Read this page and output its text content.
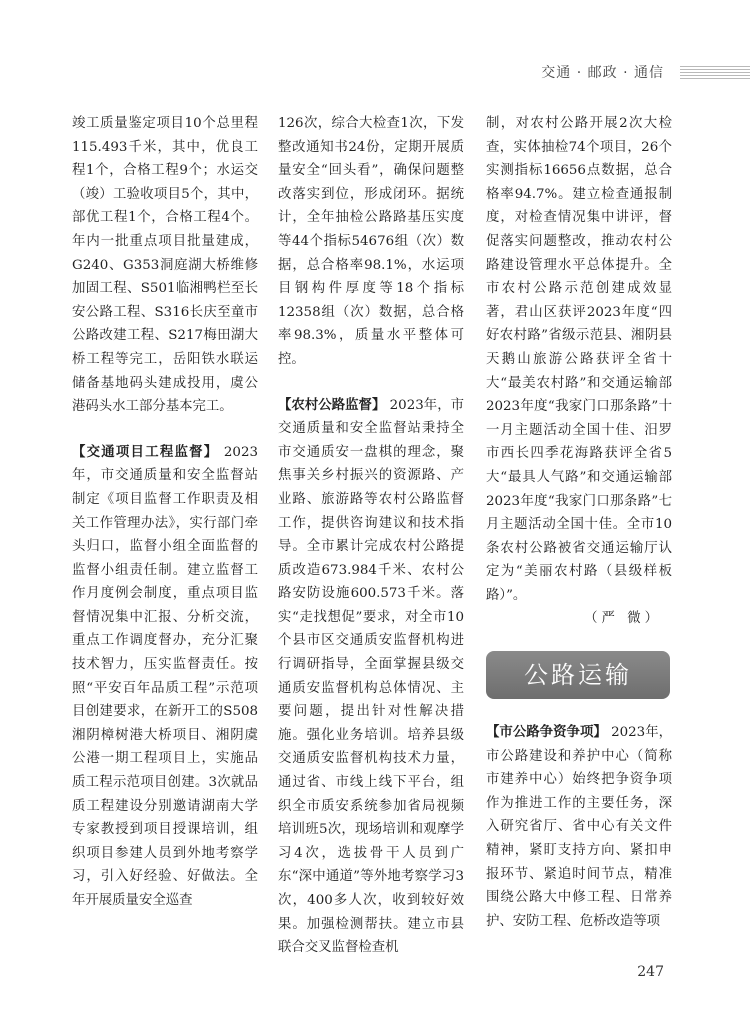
交通 · 邮政 · 通信

竣工质量鉴定项目10个总里程115.493千米，其中，优良工程1个，合格工程9个；水运交（竣）工验收项目5个，其中，部优工程1个，合格工程4个。年内一批重点项目批量建成，G240、G353洞庭湖大桥维修加固工程、S501临湘鸭栏至长安公路工程、S316长庆至童市公路改建工程、S217梅田湖大桥工程等完工，岳阳铁水联运储备基地码头建成投用，虞公港码头水工部分基本完工。

【交通项目工程监督】 2023年，市交通质量和安全监督站制定《项目监督工作职责及相关工作管理办法》，实行部门牵头归口，监督小组全面监督的监督小组责任制。建立监督工作月度例会制度，重点项目监督情况集中汇报、分析交流，重点工作调度督办，充分汇聚技术智力，压实监督责任。按照“平安百年品质工程”示范项目创建要求，在新开工的S508湘阴樟树港大桥项目、湘阴虞公港一期工程项目上，实施品质工程示范项目创建。3次就品质工程建设分别邀请湖南大学专家教授到项目授课培训，组织项目参建人员到外地考察学习，引入好经验、好做法。全年开展质量安全巡查

126次，综合大检查1次，下发整改通知书24份，定期开展质量安全“回头看”，确保问题整改落实到位，形成闭环。据统计，全年抽检公路路基压实度等44个指标54676组（次）数据，总合格率98.1%，水运项目钢构件厚度等18个指标12358组（次）数据，总合格率98.3%，质量水平整体可控。

【农村公路监督】 2023年，市交通质量和安全监督站秉持全市交通质安一盘棋的理念，聚焦事关乡村振兴的资源路、产业路、旅游路等农村公路监督工作，提供咨询建议和技术指导。全市累计完成农村公路提质改造673.984千米、农村公路安防设施600.573千米。落实“走找想促”要求，对全市10个县市区交通质安监督机构进行调研指导，全面掌握县级交通质安监督机构总体情况、主要问题，提出针对性解决措施。强化业务培训。培养县级交通质安监督机构技术力量，通过省、市线上线下平台，组织全市质安系统参加省局视频培训班5次，现场培训和观摩学习4次，选拔骨干人员到广东“深中通道”等外地考察学习3次，400多人次，收到较好效果。加强检测帮扶。建立市县联合交叉监督检查机

制，对农村公路开展2次大检查，实体抽检74个项目，26个实测指标16656点数据，总合格率94.7%。建立检查通报制度，对检查情况集中讲评，督促落实问题整改，推动农村公路建设管理水平总体提升。全市农村公路示范创建成效显著，君山区获评2023年度“四好农村路”省级示范县、湘阴县天鹅山旅游公路获评全省十大“最美农村路”和交通运输部2023年度“我家门口那条路”十一月主题活动全国十佳、汨罗市西长四季花海路获评全省5大“最具人气路”和交通运输部2023年度“我家门口那条路”七月主题活动全国十佳。全市10条农村公路被省交通运输厅认定为“美丽农村路（县级样板路）”。

（严 微）

公路运输

【市公路争资争项】 2023年，市公路建设和养护中心（简称市建养中心）始终把争资争项作为推进工作的主要任务，深入研究省厅、省中心有关文件精神，紧盯支持方向、紧扣申报环节、紧追时间节点，精准围绕公路大中修工程、日常养护、安防工程、危桥改造等项

247
